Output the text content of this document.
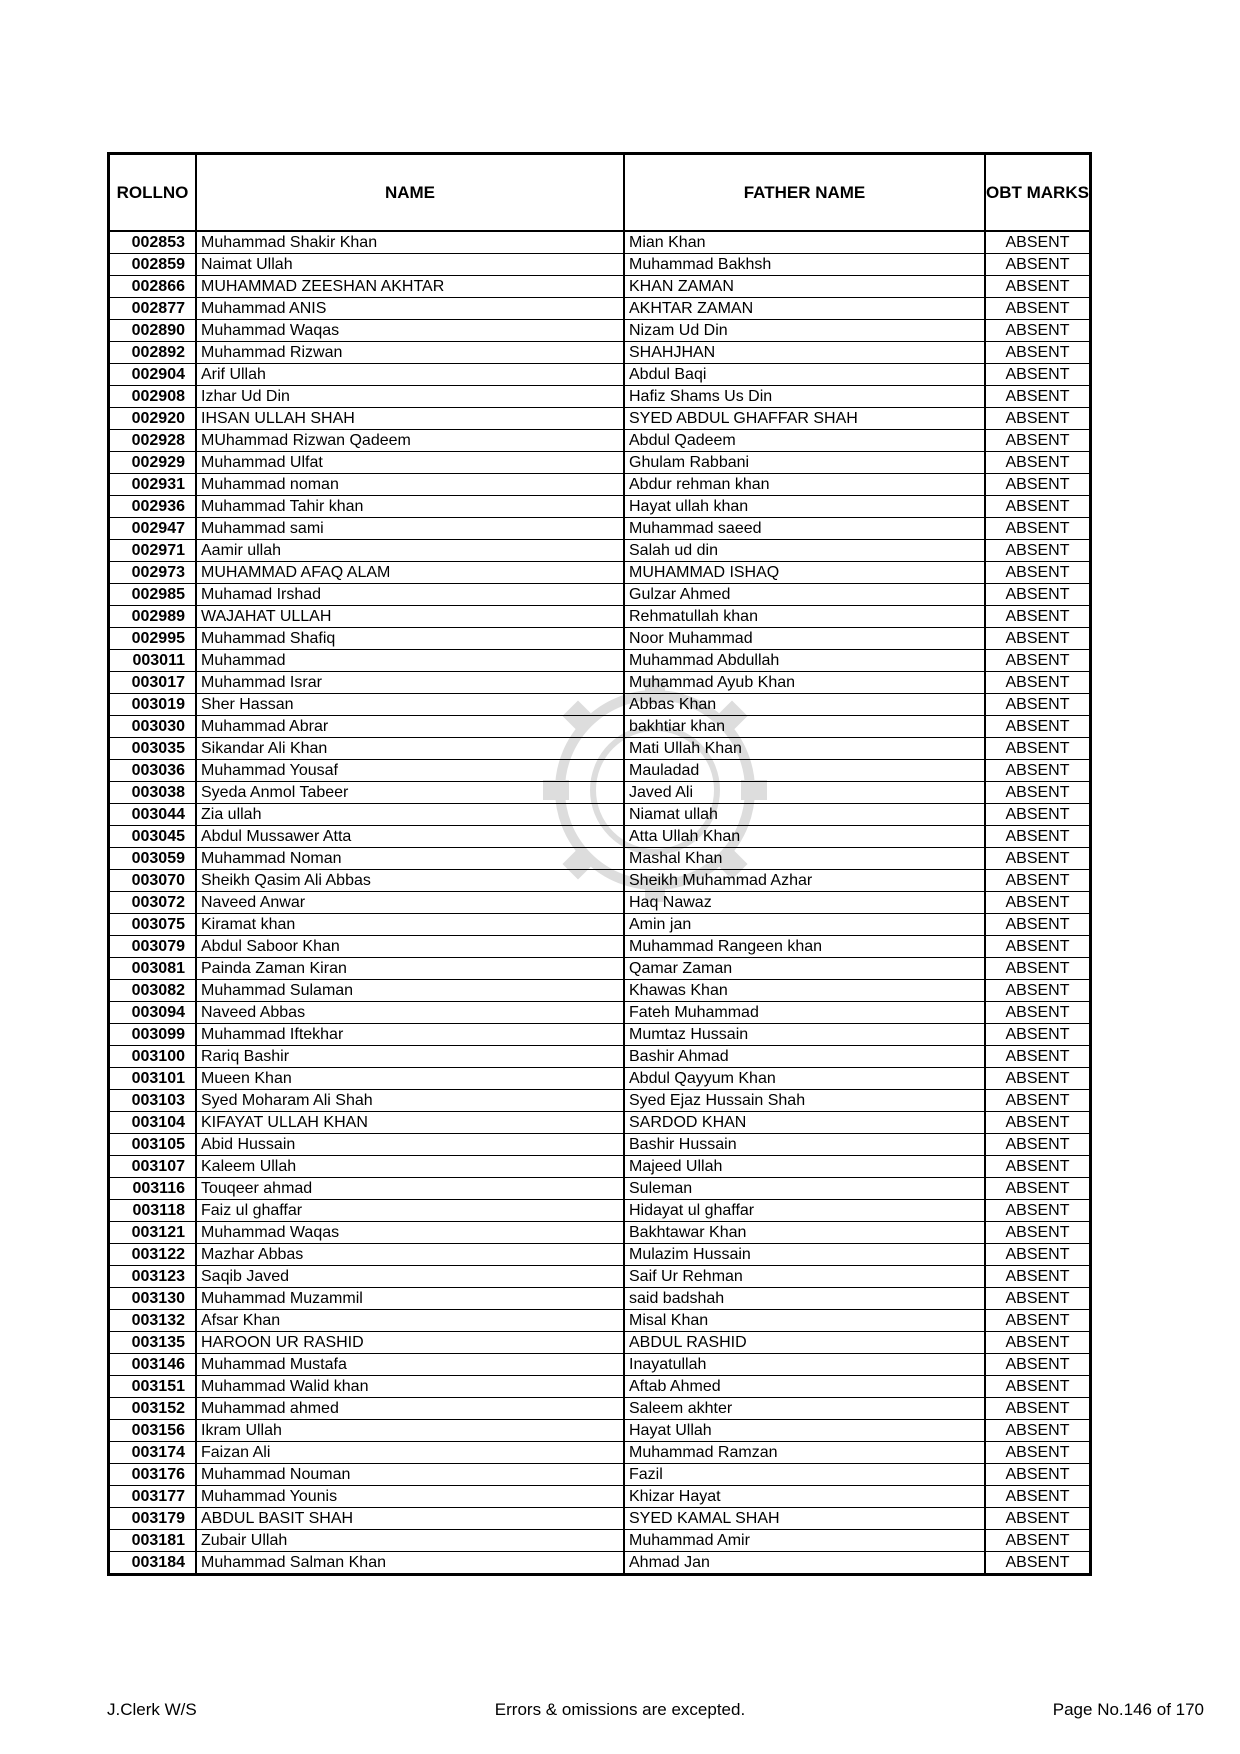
ROLLNO	NAME	FATHER NAME	OBT MARKS
002853	Muhammad Shakir Khan	Mian Khan	ABSENT
002859	Naimat Ullah	Muhammad Bakhsh	ABSENT
002866	MUHAMMAD ZEESHAN AKHTAR	KHAN ZAMAN	ABSENT
002877	Muhammad ANIS	AKHTAR ZAMAN	ABSENT
002890	Muhammad Waqas	Nizam Ud Din	ABSENT
002892	Muhammad Rizwan	SHAHJHAN	ABSENT
002904	Arif Ullah	Abdul Baqi	ABSENT
002908	Izhar Ud Din	Hafiz Shams Us Din	ABSENT
002920	IHSAN ULLAH SHAH	SYED ABDUL GHAFFAR SHAH	ABSENT
002928	MUhammad Rizwan Qadeem	Abdul Qadeem	ABSENT
002929	Muhammad Ulfat	Ghulam Rabbani	ABSENT
002931	Muhammad noman	Abdur rehman khan	ABSENT
002936	Muhammad Tahir khan	Hayat ullah khan	ABSENT
002947	Muhammad sami	Muhammad saeed	ABSENT
002971	Aamir ullah	Salah ud din	ABSENT
002973	MUHAMMAD AFAQ ALAM	MUHAMMAD ISHAQ	ABSENT
002985	Muhamad Irshad	Gulzar Ahmed	ABSENT
002989	WAJAHAT ULLAH	Rehmatullah khan	ABSENT
002995	Muhammad Shafiq	Noor Muhammad	ABSENT
003011	Muhammad	Muhammad Abdullah	ABSENT
003017	Muhammad Israr	Muhammad Ayub Khan	ABSENT
003019	Sher Hassan	Abbas Khan	ABSENT
003030	Muhammad Abrar	bakhtiar khan	ABSENT
003035	Sikandar Ali Khan	Mati Ullah Khan	ABSENT
003036	Muhammad Yousaf	Mauladad	ABSENT
003038	Syeda Anmol Tabeer	Javed Ali	ABSENT
003044	Zia ullah	Niamat ullah	ABSENT
003045	Abdul Mussawer Atta	Atta Ullah Khan	ABSENT
003059	Muhammad Noman	Mashal Khan	ABSENT
003070	Sheikh Qasim Ali Abbas	Sheikh Muhammad Azhar	ABSENT
003072	Naveed Anwar	Haq Nawaz	ABSENT
003075	Kiramat khan	Amin jan	ABSENT
003079	Abdul Saboor Khan	Muhammad Rangeen khan	ABSENT
003081	Painda Zaman Kiran	Qamar Zaman	ABSENT
003082	Muhammad Sulaman	Khawas Khan	ABSENT
003094	Naveed Abbas	Fateh Muhammad	ABSENT
003099	Muhammad Iftekhar	Mumtaz Hussain	ABSENT
003100	Rariq Bashir	Bashir Ahmad	ABSENT
003101	Mueen Khan	Abdul Qayyum Khan	ABSENT
003103	Syed Moharam Ali Shah	Syed Ejaz Hussain Shah	ABSENT
003104	KIFAYAT ULLAH KHAN	SARDOD KHAN	ABSENT
003105	Abid Hussain	Bashir Hussain	ABSENT
003107	Kaleem Ullah	Majeed Ullah	ABSENT
003116	Touqeer ahmad	Suleman	ABSENT
003118	Faiz ul ghaffar	Hidayat ul ghaffar	ABSENT
003121	Muhammad Waqas	Bakhtawar Khan	ABSENT
003122	Mazhar Abbas	Mulazim Hussain	ABSENT
003123	Saqib Javed	Saif Ur Rehman	ABSENT
003130	Muhammad Muzammil	said badshah	ABSENT
003132	Afsar Khan	Misal Khan	ABSENT
003135	HAROON UR RASHID	ABDUL RASHID	ABSENT
003146	Muhammad Mustafa	Inayatullah	ABSENT
003151	Muhammad Walid khan	Aftab Ahmed	ABSENT
003152	Muhammad ahmed	Saleem akhter	ABSENT
003156	Ikram Ullah	Hayat Ullah	ABSENT
003174	Faizan Ali	Muhammad Ramzan	ABSENT
003176	Muhammad Nouman	Fazil	ABSENT
003177	Muhammad Younis	Khizar Hayat	ABSENT
003179	ABDUL BASIT SHAH	SYED KAMAL SHAH	ABSENT
003181	Zubair Ullah	Muhammad Amir	ABSENT
003184	Muhammad Salman Khan	Ahmad Jan	ABSENT
J.Clerk W/S	Errors & omissions are excepted.	Page No.146 of 170
